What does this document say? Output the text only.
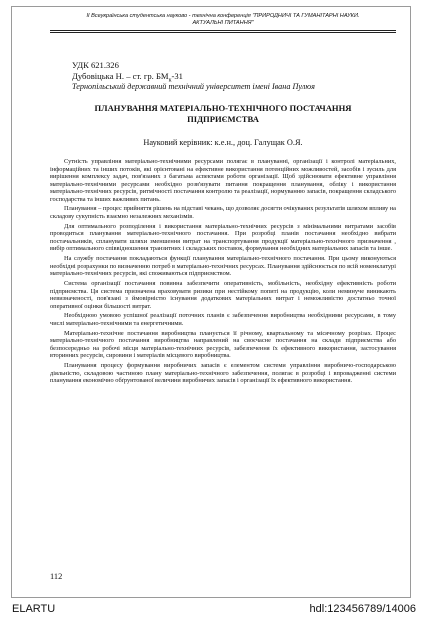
ІІ Всеукраїнська студентська науково - технічна конференція "ПРИРОДНИЧІ ТА ГУМАНІТАРНІ НАУКИ.
АКТУАЛЬНІ ПИТАННЯ"
УДК 621.326
Дубовіцька Н. – ст. гр. $БМ_к-31$
Тернопільський державний технічний університет імені Івана Пулюя
ПЛАНУВАННЯ МАТЕРІАЛЬНО-ТЕХНІЧНОГО ПОСТАЧАННЯ
ПІДПРИЄМСТВА
Науковий керівник: к.е.н., доц. Галущак О.Я.

Сутність управління матеріально-технічними ресурсами полягає в плануванні, організації і контролі матеріальних, інформаційних та інших потоків, які орієнтовані на ефективне використання потенційних можливостей, засобів і зусиль для вирішення комплексу задач, пов'язаних з багатьма аспектами роботи організації. Щоб здійснювати ефективне управління матеріально-технічними ресурсами необхідно розв'язувати питання покращення планування, обліку і використання матеріально-технічних ресурсів, ритмічності постачання контролю та реалізації, нормуванню запасів, покращення складського господарства та інших важливих питань.

Планування – процес прийняття рішень на підставі чекань, що дозволяє досягти очікуваних результатів шляхом впливу на складову сукупність взаємно незалежних механізмів.

Для оптимального розподілення і використання матеріально-технічних ресурсів з мінімальними витратами засобів проводиться планування матеріально-технічного постачання. При розробці планів постачання необхідно вибрати постачальників, спланувати шляхи зменшення витрат на транспортування продукції матеріально-технічного призначення , вибір оптимального співвідношення транзитних і складських поставок, формування необхідних матеріальних запасів та інше.

На службу постачання покладаються функції планування матеріально-технічного постачання. При цьому виконуються необхідні розрахунки по визначенню потреб в матеріально-технічних ресурсах. Планування здійснюється по всій номенклатурі матеріально-технічних ресурсів, які споживаються підприємством.

Система організації постачання повинна забезпечити оперативність, мобільність, необхідну ефективність роботи підприємства. Ця система призначена враховувати ризики при нестійкому попиті на продукцію, коли неминуче виникають невизначеності, пов'язані з ймовірністю існування додаткових матеріальних витрат і неможливістю достатньо точної оперативної оцінки більшості витрат.

Необхідною умовою успішної реалізації поточних планів є забезпечення виробництва необхідними ресурсами, в тому числі матеріально-технічними та енергетичними.

Матеріально-технічне постачання виробництва планується її річному, квартальному та місячному розрізах. Процес матеріально-технічного постачання виробництва направлений на своєчасне постачання на склади підприємства або безпосередньо на робочі місця матеріально-технічних ресурсів, забезпечення їх ефективного використання, застосування вторинних ресурсів, сировини і матеріалів місцевого виробництва.

Планування процесу формування виробничих запасів є елементом системи управління виробничо-господарською діяльністю, складовою частиною плану матеріально-технічного забезпечення, полягає в розробці і впровадженні системи планування економічно обґрунтованої величини виробничих запасів і організації їх ефективного використання.

112
ELARTU	hdl:123456789/14006
